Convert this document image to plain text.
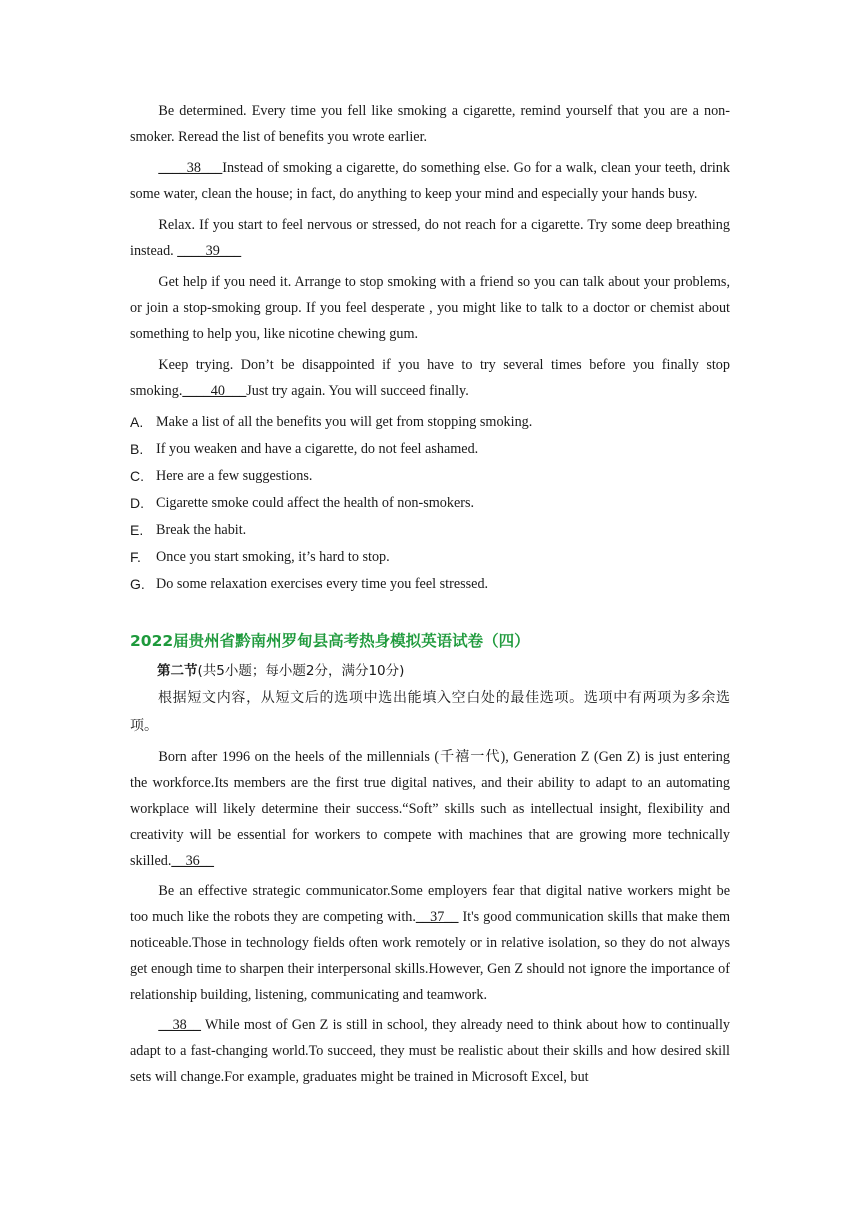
Be determined. Every time you fell like smoking a cigarette, remind yourself that you are a non-smoker. Reread the list of benefits you wrote earlier.

____38___Instead of smoking a cigarette, do something else. Go for a walk, clean your teeth, drink some water, clean the house; in fact, do anything to keep your mind and especially your hands busy.

Relax. If you start to feel nervous or stressed, do not reach for a cigarette. Try some deep breathing instead. ____39___

Get help if you need it. Arrange to stop smoking with a friend so you can talk about your problems, or join a stop-smoking group. If you feel desperate , you might like to talk to a doctor or chemist about something to help you, like nicotine chewing gum.

Keep trying. Don’t be disappointed if you have to try several times before you finally stop smoking.____40___Just try again. You will succeed finally.

A. Make a list of all the benefits you will get from stopping smoking.
B. If you weaken and have a cigarette, do not feel ashamed.
C. Here are a few suggestions.
D. Cigarette smoke could affect the health of non-smokers.
E. Break the habit.
F.	Once you start smoking, it’s hard to stop.
G. Do some relaxation exercises every time you feel stressed.
2022届贵州省黔南州罗甸县高考热身模拟英语试卷（四）

第二节(共5小题；每小题2分，满分10分)

根据短文内容，从短文后的选项中选出能填入空白处的最佳选项。选项中有两项为多余选项。

Born after 1996 on the heels of the millennials (千禧一代), Generation Z (Gen Z) is just entering the workforce.Its members are the first true digital natives, and their ability to adapt to an automating workplace will likely determine their success.“Soft” skills such as intellectual insight, flexibility and creativity will be essential for workers to compete with machines that are growing more technically skilled.__36__

Be an effective strategic communicator.Some employers fear that digital native workers might be too much like the robots they are competing with.__37__ It's good communication skills that make them noticeable.Those in technology fields often work remotely or in relative isolation, so they do not always get enough time to sharpen their interpersonal skills.However, Gen Z should not ignore the importance of relationship building, listening, communicating and teamwork.

__38__ While most of Gen Z is still in school, they already need to think about how to continually adapt to a fast-changing world.To succeed, they must be realistic about their skills and how desired skill sets will change.For example, graduates might be trained in Microsoft Excel, but
